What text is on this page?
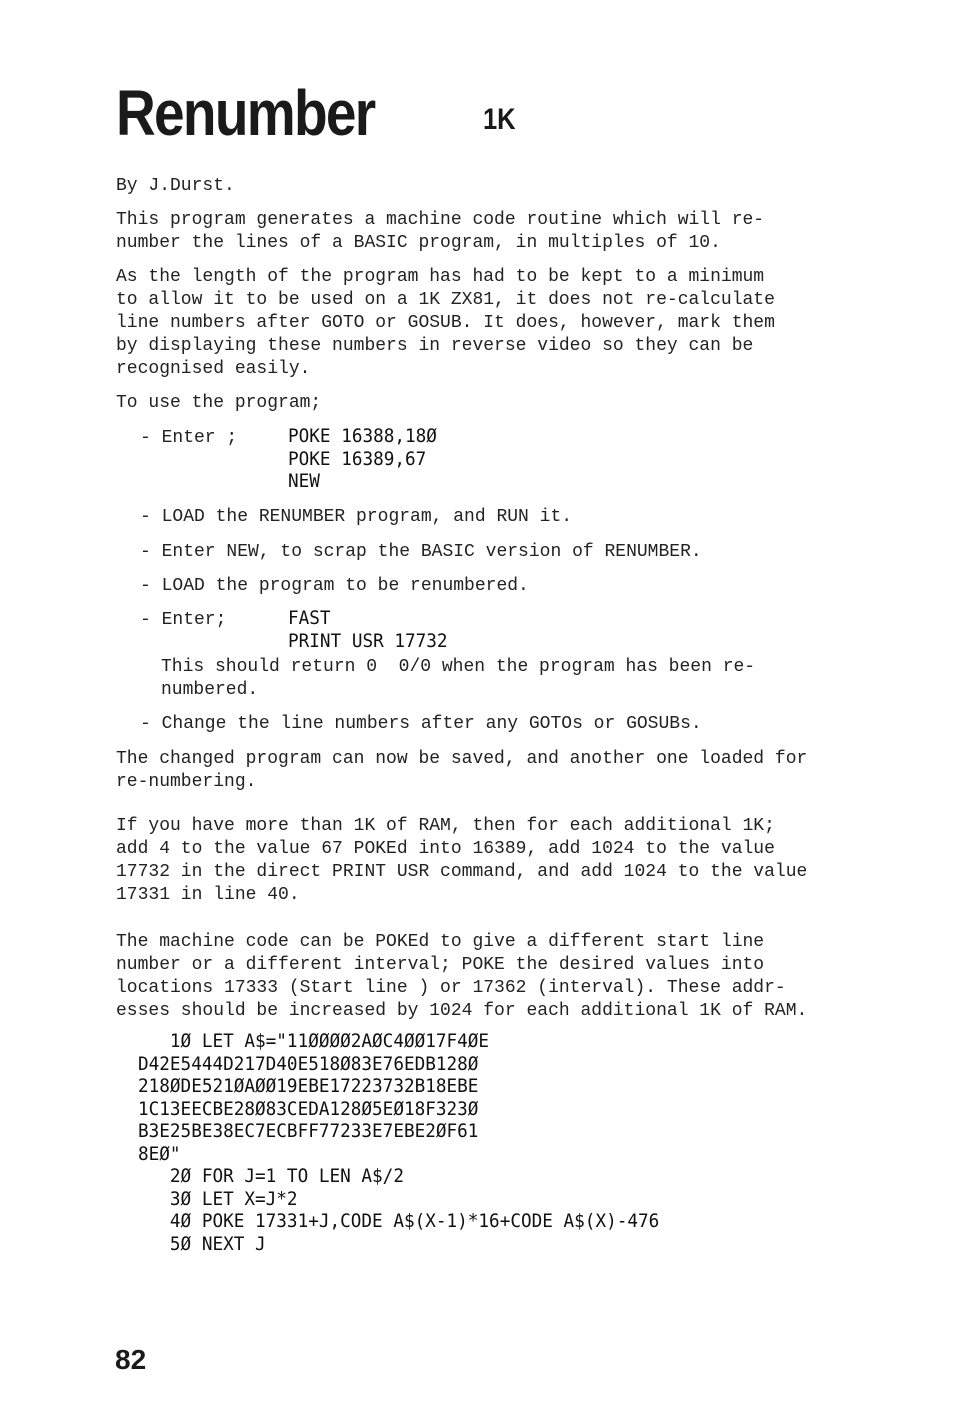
Renumber	1K

By J.Durst.

This program generates a machine code routine which will re-
number the lines of a BASIC program, in multiples of 10.

As the length of the program has had to be kept to a minimum
to allow it to be used on a 1K ZX81, it does not re-calculate
line numbers after GOTO or GOSUB. It does, however, mark them
by displaying these numbers in reverse video so they can be
recognised easily.

To use the program;

- Enter ;	POKE 16388,18Ø
POKE 16389,67
NEW

- LOAD the RENUMBER program, and RUN it.

- Enter NEW, to scrap the BASIC version of RENUMBER.

- LOAD the program to be renumbered.

- Enter;	FAST
PRINT USR 17732

This should return 0  0/0 when the program has been re-
numbered.

- Change the line numbers after any GOTOs or GOSUBs.

The changed program can now be saved, and another one loaded for
re-numbering.

If you have more than 1K of RAM, then for each additional 1K;
add 4 to the value 67 POKEd into 16389, add 1024 to the value
17732 in the direct PRINT USR command, and add 1024 to the value
17331 in line 40.

The machine code can be POKEd to give a different start line
number or a different interval; POKE the desired values into
locations 17333 (Start line ) or 17362 (interval). These addr-
esses should be increased by 1024 for each additional 1K of RAM.

1Ø LET A$="11ØØØØ2AØC4ØØ17F4ØE
D42E5444D217D40E518Ø83E76EDB128Ø
218ØDE521ØAØØ19EBE17223732B18EBE
1C13EECBE28Ø83CEDA128Ø5EØ18F323Ø
B3E25BE38EC7ECBFF77233E7EBE2ØF61
8EØ"
2Ø FOR J=1 TO LEN A$/2
3Ø LET X=J*2
4Ø POKE 17331+J,CODE A$(X-1)*16+CODE A$(X)-476
5Ø NEXT J

82
